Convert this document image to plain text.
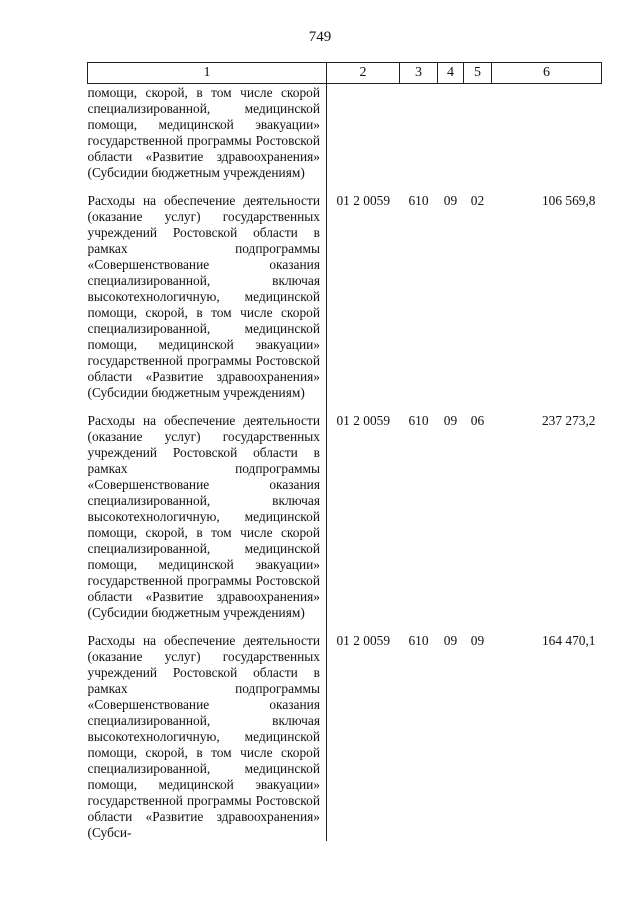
749
1	2	3	4	5	6
помощи, скорой, в том числе скорой специализированной, медицинской помощи, медицинской эвакуации» государственной программы Ростовской области «Развитие здравоохранения» (Субсидии бюджетным учреждениям)					
Расходы на обеспечение деятельности (оказание услуг) государственных учреждений Ростовской области в рамках подпрограммы «Совершенствование оказания специализированной, включая высокотехнологичную, медицинской помощи, скорой, в том числе скорой специализированной, медицинской помощи, медицинской эвакуации» государственной программы Ростовской области «Развитие здравоохранения» (Субсидии бюджетным учреждениям)	01 2 0059	610	09	02	106 569,8
Расходы на обеспечение деятельности (оказание услуг) государственных учреждений Ростовской области в рамках подпрограммы «Совершенствование оказания специализированной, включая высокотехнологичную, медицинской помощи, скорой, в том числе скорой специализированной, медицинской помощи, медицинской эвакуации» государственной программы Ростовской области «Развитие здравоохранения» (Субсидии бюджетным учреждениям)	01 2 0059	610	09	06	237 273,2
Расходы на обеспечение деятельности (оказание услуг) государственных учреждений Ростовской области в рамках подпрограммы «Совершенствование оказания специализированной, включая высокотехнологичную, медицинской помощи, скорой, в том числе скорой специализированной, медицинской помощи, медицинской эвакуации» государственной программы Ростовской области «Развитие здравоохранения» (Субси-	01 2 0059	610	09	09	164 470,1
